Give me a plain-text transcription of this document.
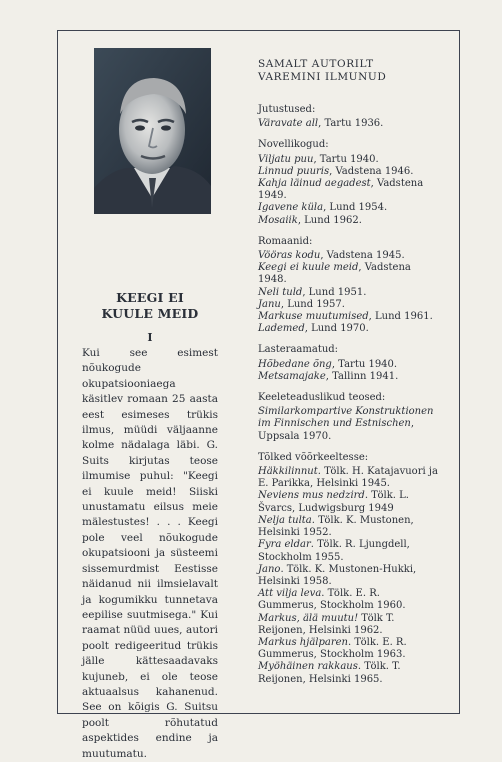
KEEGI EI
KUULE MEID
I

Kui see esimest nõukogude okupatsiooniaega käsitlev romaan 25 aasta eest esimeses trükis ilmus, müüdi väljaanne kolme nädalaga läbi. G. Suits kirjutas teose ilmumise puhul: "Keegi ei kuule meid! Siiski unustamatu eilsus meie mälestustes! . . . Keegi pole veel nõukogude okupatsiooni ja süsteemi sissemurdmist Eestisse näidanud nii ilmsielavalt ja kogumikku tunnetava eepilise suutmisega." Kui raamat nüüd uues, autori poolt redigeeritud trükis jälle kättesaadavaks kujuneb, ei ole teose aktuaalsus kahanenud. See on kõigis G. Suitsu poolt rõhutatud aspektides endine ja muutumatu.

SAMALT AUTORILT
VAREMINI ILMUNUD
Jutustused:
Väravate all, Tartu 1936.
Novellikogud:
Viljatu puu, Tartu 1940.
Linnud puuris, Vadstena 1946.
Kahja läinud aegadest, Vadstena 1949.
Igavene küla, Lund 1954.
Mosaiik, Lund 1962.
Romaanid:
Vööras kodu, Vadstena 1945.
Keegi ei kuule meid, Vadstena 1948.
Neli tuld, Lund 1951.
Janu, Lund 1957.
Markuse muutumised, Lund 1961.
Lademed, Lund 1970.
Lasteraamatud:
Hõbedane õng, Tartu 1940.
Metsamajake, Tallinn 1941.
Keeleteaduslikud teosed:
Similarkompartive Konstruktionen im Finnischen und Estnischen, Uppsala 1970.
Tõlked võõrkeeltesse:
Häkkilinnut. Tölk. H. Katajavuori ja E. Parikka, Helsinki 1945.
Neviens mus nedzird. Tölk. L. Švarcs, Ludwigsburg 1949
Nelja tulta. Tölk. K. Mustonen, Helsinki 1952.
Fyra eldar. Tölk. R. Ljungdell, Stockholm 1955.
Jano. Tölk. K. Mustonen-Hukki, Helsinki 1958.
Att vilja leva. Tölk. E. R. Gummerus, Stockholm 1960.
Markus, älä muutu! Tölk T. Reijonen, Helsinki 1962.
Markus hjälparen. Tölk. E. R. Gummerus, Stockholm 1963.
Myöhäinen rakkaus. Tölk. T. Reijonen, Helsinki 1965.
